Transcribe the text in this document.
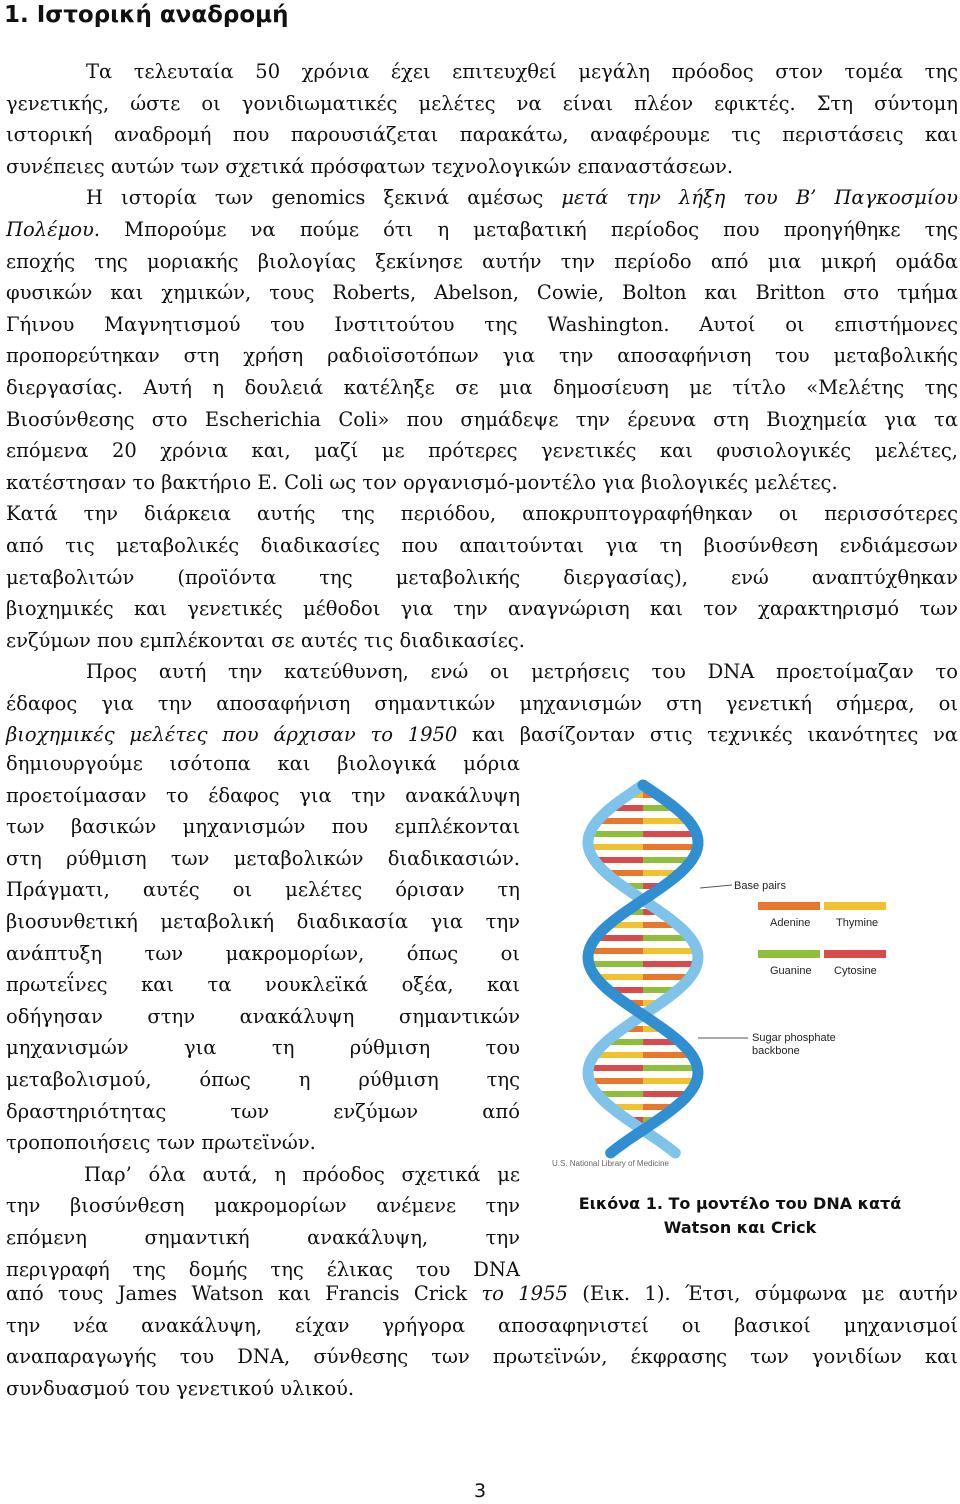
1. Ιστορική αναδρομή

Τα τελευταία 50 χρόνια έχει επιτευχθεί μεγάλη πρόοδος στον τομέα της

γενετικής, ώστε οι γονιδιωματικές μελέτες να είναι πλέον εφικτές. Στη σύντομη

ιστορική αναδρομή που παρουσιάζεται παρακάτω, αναφέρουμε τις περιστάσεις και

συνέπειες αυτών των σχετικά πρόσφατων τεχνολογικών επαναστάσεων.

Η ιστορία των genomics ξεκινά αμέσως μετά την λήξη του Β’ Παγκοσμίου

Πολέμου. Μπορούμε να πούμε ότι η μεταβατική περίοδος που προηγήθηκε της

εποχής της μοριακής βιολογίας ξεκίνησε αυτήν την περίοδο από μια μικρή ομάδα

φυσικών και χημικών, τους Roberts, Abelson, Cowie, Bolton και Britton στο τμήμα

Γήινου Μαγνητισμού του Ινστιτούτου της Washington. Αυτοί οι επιστήμονες

προπορεύτηκαν στη χρήση ραδιοϊσοτόπων για την αποσαφήνιση του μεταβολικής

διεργασίας. Αυτή η δουλειά κατέληξε σε μια δημοσίευση με τίτλο «Μελέτης της

Βιοσύνθεσης στο Escherichia Coli» που σημάδεψε την έρευνα στη Βιοχημεία για τα

επόμενα 20 χρόνια και, μαζί με πρότερες γενετικές και φυσιολογικές μελέτες,

κατέστησαν το βακτήριο E. Coli ως τον οργανισμό-μοντέλο για βιολογικές μελέτες.

Κατά την διάρκεια αυτής της περιόδου, αποκρυπτογραφήθηκαν οι περισσότερες

από τις μεταβολικές διαδικασίες που απαιτούνται για τη βιοσύνθεση ενδιάμεσων

μεταβολιτών (προϊόντα της μεταβολικής διεργασίας), ενώ αναπτύχθηκαν

βιοχημικές και γενετικές μέθοδοι για την αναγνώριση και τον χαρακτηρισμό των

ενζύμων που εμπλέκονται σε αυτές τις διαδικασίες.

Προς αυτή την κατεύθυνση, ενώ οι μετρήσεις του DNA προετοίμαζαν το

έδαφος για την αποσαφήνιση σημαντικών μηχανισμών στη γενετική σήμερα, οι

βιοχημικές μελέτες που άρχισαν το 1950 και βασίζονταν στις τεχνικές ικανότητες να

δημιουργούμε ισότοπα και βιολογικά μόρια

προετοίμασαν το έδαφος για την ανακάλυψη

των βασικών μηχανισμών που εμπλέκονται

στη ρύθμιση των μεταβολικών διαδικασιών.

Πράγματι, αυτές οι μελέτες όρισαν τη

βιοσυνθετική μεταβολική διαδικασία για την

ανάπτυξη των μακρομορίων, όπως οι

πρωτεΐνες και τα νουκλεϊκά οξέα, και

οδήγησαν στην ανακάλυψη σημαντικών

μηχανισμών για τη ρύθμιση του

μεταβολισμού, όπως η ρύθμιση της

δραστηριότητας των ενζύμων από

τροποποιήσεις των πρωτεϊνών.

Παρ’ όλα αυτά, η πρόοδος σχετικά με

την βιοσύνθεση μακρομορίων ανέμενε την

επόμενη σημαντική ανακάλυψη, την

περιγραφή της δομής της έλικας του DNA

από τους James Watson και Francis Crick το 1955 (Εικ. 1). Έτσι, σύμφωνα με αυτήν

την νέα ανακάλυψη, είχαν γρήγορα αποσαφηνιστεί οι βασικοί μηχανισμοί

αναπαραγωγής του DNA, σύνθεσης των πρωτεϊνών, έκφρασης των γονιδίων και

συνδυασμού του γενετικού υλικού.

Base pairs
Adenine Thymine
Guanine Cytosine
Sugar phosphate
backbone
U.S. National Library of Medicine
Εικόνα 1. Το μοντέλο του DNA κατά
Watson και Crick
3
